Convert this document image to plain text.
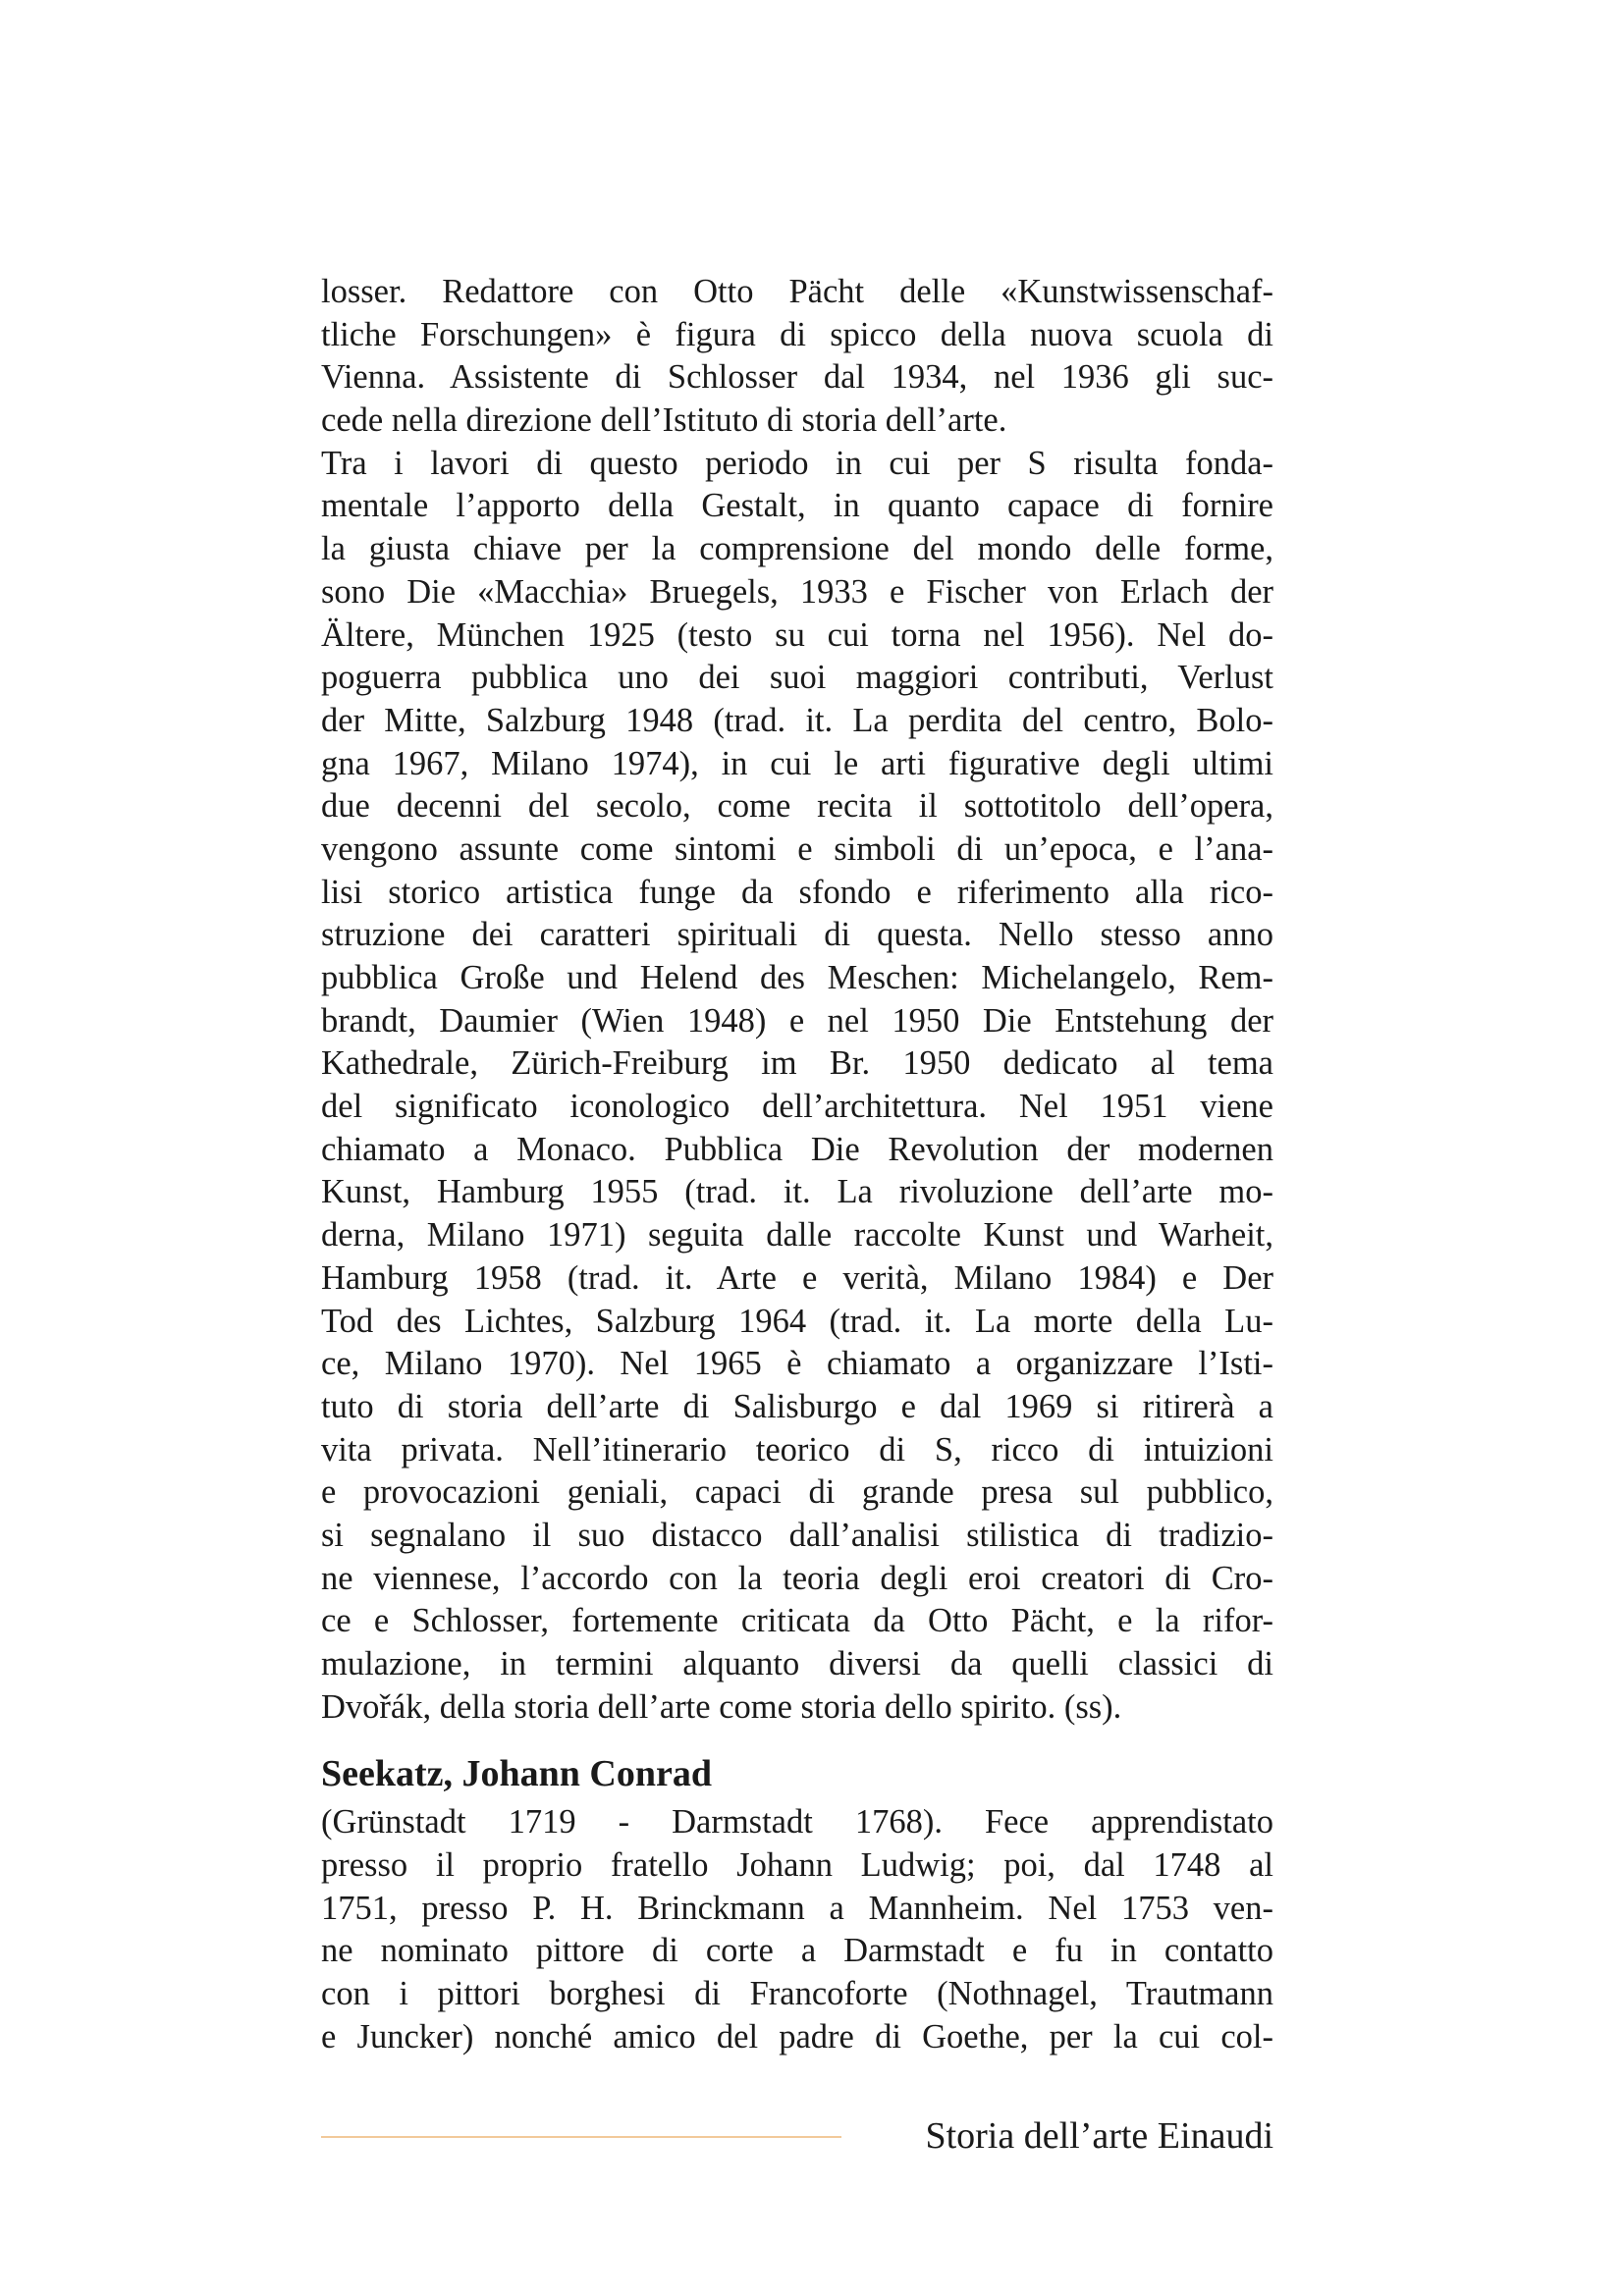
losser. Redattore con Otto Pächt delle «Kunstwissenschaf-
tliche Forschungen» è figura di spicco della nuova scuola di
Vienna. Assistente di Schlosser dal 1934, nel 1936 gli suc-
cede nella direzione dell’Istituto di storia dell’arte.
Tra i lavori di questo periodo in cui per S risulta fonda-
mentale l’apporto della Gestalt, in quanto capace di fornire
la giusta chiave per la comprensione del mondo delle forme,
sono Die «Macchia» Bruegels, 1933 e Fischer von Erlach der
Ältere, München 1925 (testo su cui torna nel 1956). Nel do-
poguerra pubblica uno dei suoi maggiori contributi, Verlust
der Mitte, Salzburg 1948 (trad. it. La perdita del centro, Bolo-
gna 1967, Milano 1974), in cui le arti figurative degli ultimi
due decenni del secolo, come recita il sottotitolo dell’opera,
vengono assunte come sintomi e simboli di un’epoca, e l’ana-
lisi storico artistica funge da sfondo e riferimento alla rico-
struzione dei caratteri spirituali di questa. Nello stesso anno
pubblica Große und Helend des Meschen: Michelangelo, Rem-
brandt, Daumier (Wien 1948) e nel 1950 Die Entstehung der
Kathedrale, Zürich-Freiburg im Br. 1950 dedicato al tema
del significato iconologico dell’architettura. Nel 1951 viene
chiamato a Monaco. Pubblica Die Revolution der modernen
Kunst, Hamburg 1955 (trad. it. La rivoluzione dell’arte mo-
derna, Milano 1971) seguita dalle raccolte Kunst und Warheit,
Hamburg 1958 (trad. it. Arte e verità, Milano 1984) e Der
Tod des Lichtes, Salzburg 1964 (trad. it. La morte della Lu-
ce, Milano 1970). Nel 1965 è chiamato a organizzare l’Isti-
tuto di storia dell’arte di Salisburgo e dal 1969 si ritirerà a
vita privata. Nell’itinerario teorico di S, ricco di intuizioni
e provocazioni geniali, capaci di grande presa sul pubblico,
si segnalano il suo distacco dall’analisi stilistica di tradizio-
ne viennese, l’accordo con la teoria degli eroi creatori di Cro-
ce e Schlosser, fortemente criticata da Otto Pächt, e la rifor-
mulazione, in termini alquanto diversi da quelli classici di
Dvořák, della storia dell’arte come storia dello spirito. (ss).
Seekatz, Johann Conrad
(Grünstadt 1719 - Darmstadt 1768). Fece apprendistato
presso il proprio fratello Johann Ludwig; poi, dal 1748 al
1751, presso P. H. Brinckmann a Mannheim. Nel 1753 ven-
ne nominato pittore di corte a Darmstadt e fu in contatto
con i pittori borghesi di Francoforte (Nothnagel, Trautmann
e Juncker) nonché amico del padre di Goethe, per la cui col-
Storia dell’arte Einaudi
